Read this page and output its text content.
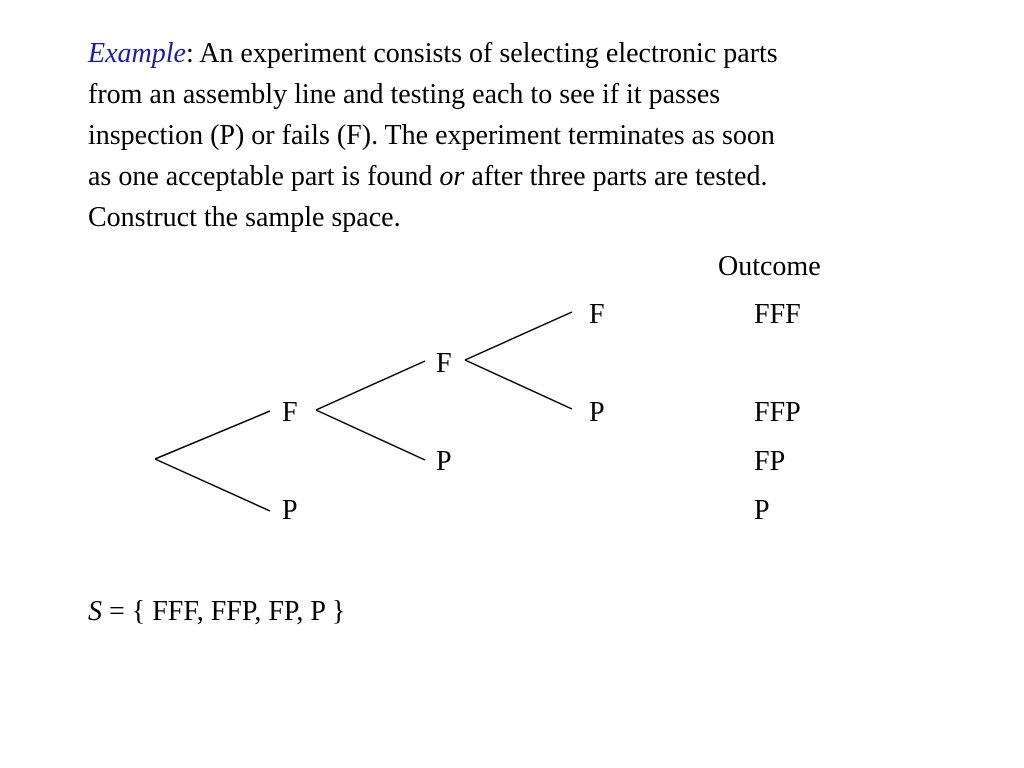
Example: An experiment consists of selecting electronic parts
from an assembly line and testing each to see if it passes
inspection (P) or fails (F). The experiment terminates as soon
as one acceptable part is found or after three parts are tested.
Construct the sample space.

Outcome
F
P
F
P
F
P
FFF
FFP
FP
P
S = { FFF, FFP, FP, P }
